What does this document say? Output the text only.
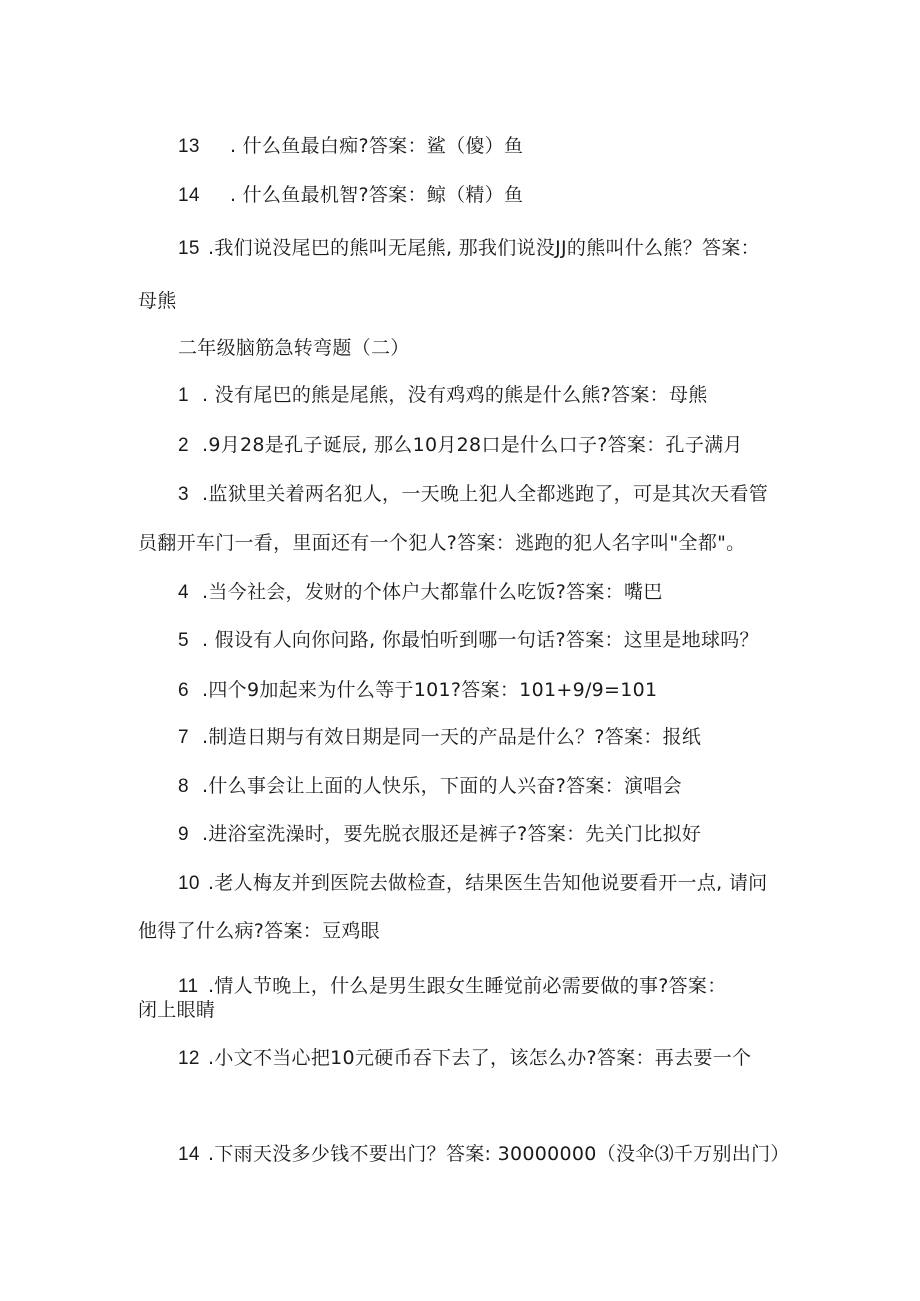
13 . 什么鱼最白痴?答案：鲨（傻）鱼
14 . 什么鱼最机智?答案：鲸（精）鱼
15 .我们说没尾巴的熊叫无尾熊, 那我们说没JJ的熊叫什么熊？答案：
母熊
二年级脑筋急转弯题（二）
1 . 没有尾巴的熊是尾熊，没有鸡鸡的熊是什么熊?答案：母熊
2 .9月28是孔子诞辰, 那么10月28口是什么口子?答案：孔子满月
3 .监狱里关着两名犯人，一天晚上犯人全都逃跑了，可是其次天看管
员翻开车门一看，里面还有一个犯人?答案：逃跑的犯人名字叫"全都"。
4 .当今社会，发财的个体户大都靠什么吃饭?答案：嘴巴
5 . 假设有人向你问路, 你最怕听到哪一句话?答案：这里是地球吗？
6 .四个9加起来为什么等于101?答案：101+9/9=101
7 .制造日期与有效日期是同一天的产品是什么？?答案：报纸
8 .什么事会让上面的人快乐，下面的人兴奋?答案：演唱会
9 .进浴室洗澡时，要先脱衣服还是裤子?答案：先关门比拟好
10 .老人梅友并到医院去做检查，结果医生告知他说要看开一点, 请问
他得了什么病?答案：豆鸡眼
11 .情人节晚上，什么是男生跟女生睡觉前必需要做的事?答案：
闭上眼睛
12 .小文不当心把10元硬币吞下去了，该怎么办?答案：再去要一个
14 .下雨天没多少钱不要出门？答案: 30000000（没伞⑶千万别出门）
